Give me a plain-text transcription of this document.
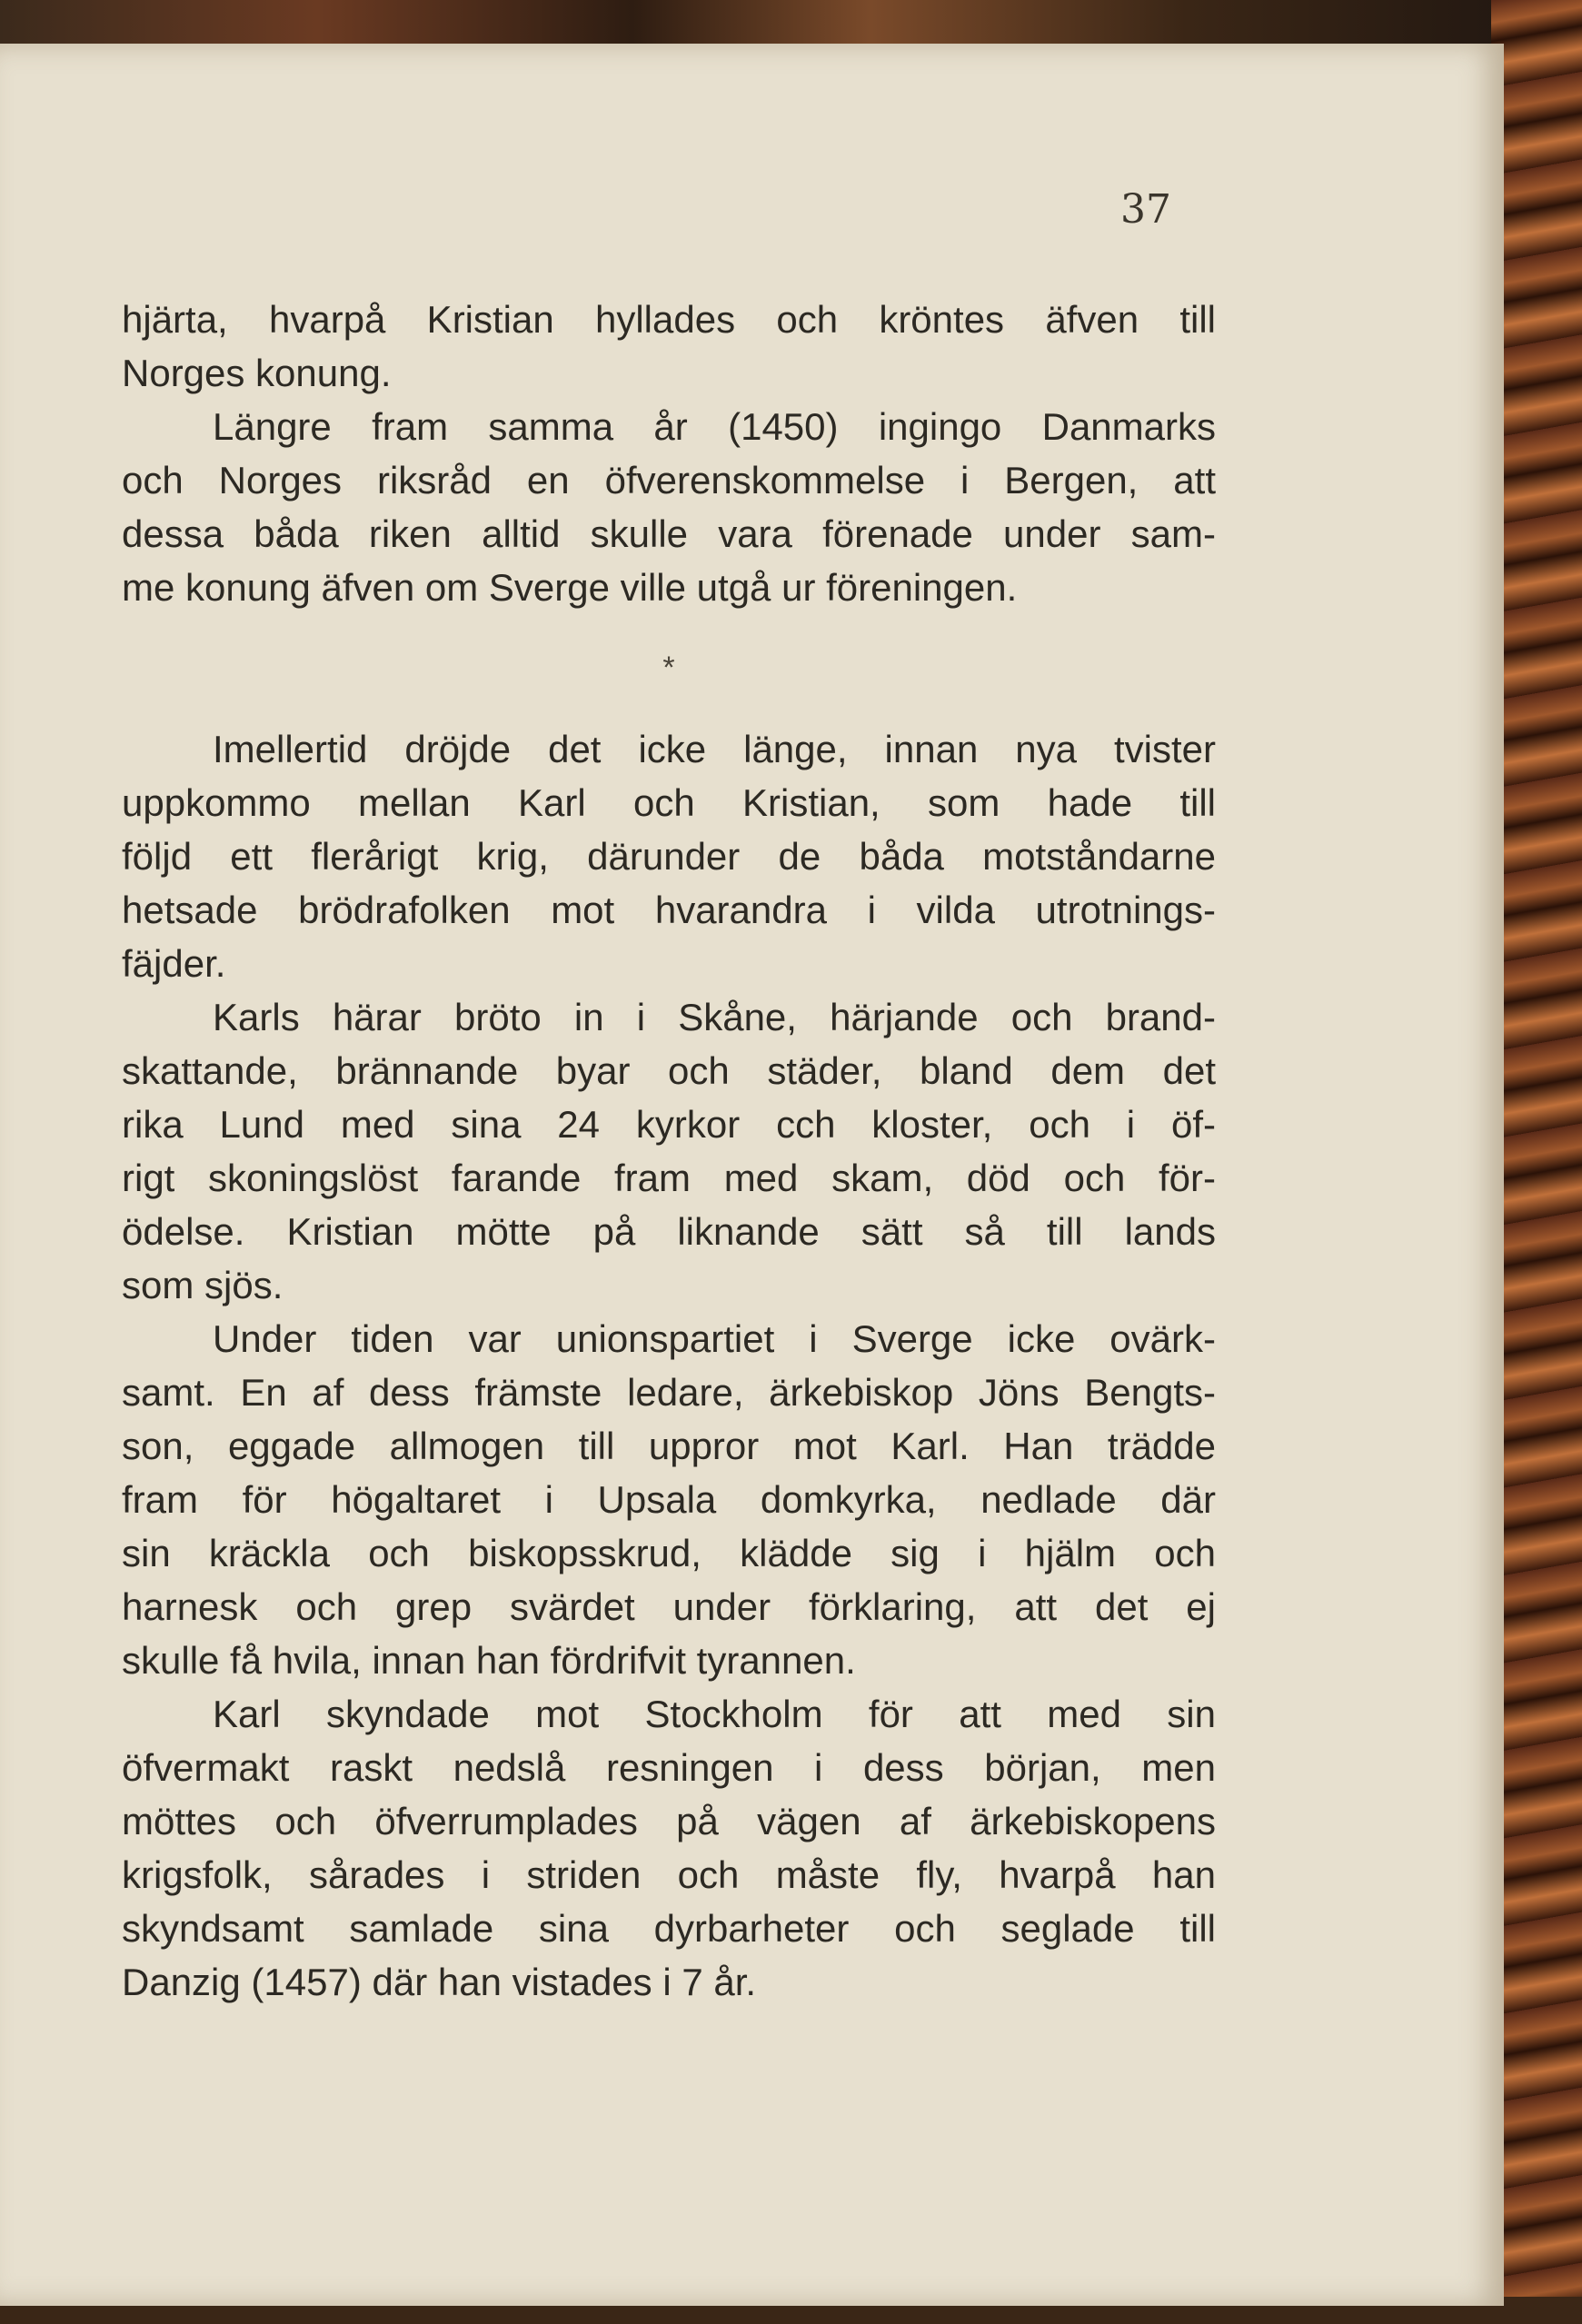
37
hjärta, hvarpå Kristian hyllades och kröntes äfven till
Norges konung.
Längre fram samma år (1450) ingingo Danmarks
och Norges riksråd en öfverenskommelse i Bergen, att
dessa båda riken alltid skulle vara förenade under sam-
me konung äfven om Sverge ville utgå ur föreningen.
*
Imellertid dröjde det icke länge, innan nya tvister
uppkommo mellan Karl och Kristian, som hade till
följd ett flerårigt krig, därunder de båda motståndarne
hetsade brödrafolken mot hvarandra i vilda utrotnings-
fäjder.
Karls härar bröto in i Skåne, härjande och brand-
skattande, brännande byar och städer, bland dem det
rika Lund med sina 24 kyrkor cch kloster, och i öf-
rigt skoningslöst farande fram med skam, död och för-
ödelse. Kristian mötte på liknande sätt så till lands
som sjös.
Under tiden var unionspartiet i Sverge icke ovärk-
samt. En af dess främste ledare, ärkebiskop Jöns Bengts-
son, eggade allmogen till uppror mot Karl. Han trädde
fram för högaltaret i Upsala domkyrka, nedlade där
sin kräckla och biskopsskrud, klädde sig i hjälm och
harnesk och grep svärdet under förklaring, att det ej
skulle få hvila, innan han fördrifvit tyrannen.
Karl skyndade mot Stockholm för att med sin
öfvermakt raskt nedslå resningen i dess början, men
möttes och öfverrumplades på vägen af ärkebiskopens
krigsfolk, sårades i striden och måste fly, hvarpå han
skyndsamt samlade sina dyrbarheter och seglade till
Danzig (1457) där han vistades i 7 år.
